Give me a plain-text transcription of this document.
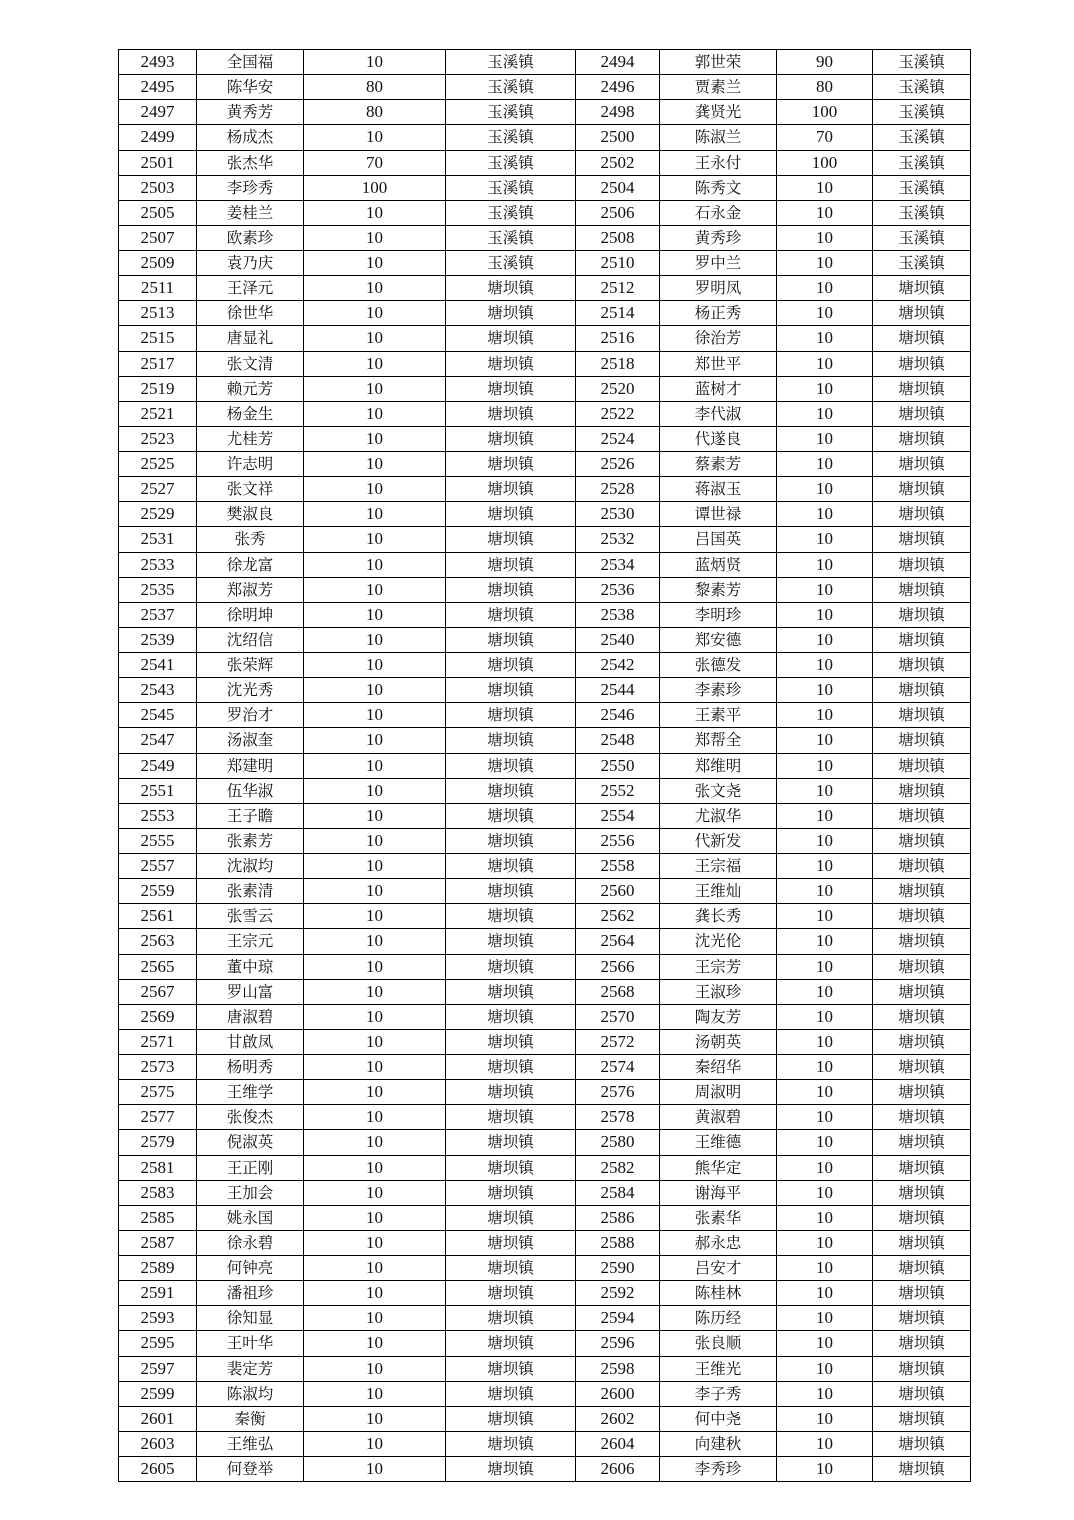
2493	全国福	10	玉溪镇	2494	郭世荣	90	玉溪镇
2495	陈华安	80	玉溪镇	2496	贾素兰	80	玉溪镇
2497	黄秀芳	80	玉溪镇	2498	龚贤光	100	玉溪镇
2499	杨成杰	10	玉溪镇	2500	陈淑兰	70	玉溪镇
2501	张杰华	70	玉溪镇	2502	王永付	100	玉溪镇
2503	李珍秀	100	玉溪镇	2504	陈秀文	10	玉溪镇
2505	姜桂兰	10	玉溪镇	2506	石永金	10	玉溪镇
2507	欧素珍	10	玉溪镇	2508	黄秀珍	10	玉溪镇
2509	袁乃庆	10	玉溪镇	2510	罗中兰	10	玉溪镇
2511	王泽元	10	塘坝镇	2512	罗明凤	10	塘坝镇
2513	徐世华	10	塘坝镇	2514	杨正秀	10	塘坝镇
2515	唐显礼	10	塘坝镇	2516	徐治芳	10	塘坝镇
2517	张文清	10	塘坝镇	2518	郑世平	10	塘坝镇
2519	赖元芳	10	塘坝镇	2520	蓝树才	10	塘坝镇
2521	杨金生	10	塘坝镇	2522	李代淑	10	塘坝镇
2523	尤桂芳	10	塘坝镇	2524	代遂良	10	塘坝镇
2525	许志明	10	塘坝镇	2526	蔡素芳	10	塘坝镇
2527	张文祥	10	塘坝镇	2528	蒋淑玉	10	塘坝镇
2529	樊淑良	10	塘坝镇	2530	谭世禄	10	塘坝镇
2531	张秀	10	塘坝镇	2532	吕国英	10	塘坝镇
2533	徐龙富	10	塘坝镇	2534	蓝炳贤	10	塘坝镇
2535	郑淑芳	10	塘坝镇	2536	黎素芳	10	塘坝镇
2537	徐明坤	10	塘坝镇	2538	李明珍	10	塘坝镇
2539	沈绍信	10	塘坝镇	2540	郑安德	10	塘坝镇
2541	张荣辉	10	塘坝镇	2542	张德发	10	塘坝镇
2543	沈光秀	10	塘坝镇	2544	李素珍	10	塘坝镇
2545	罗治才	10	塘坝镇	2546	王素平	10	塘坝镇
2547	汤淑奎	10	塘坝镇	2548	郑帮全	10	塘坝镇
2549	郑建明	10	塘坝镇	2550	郑维明	10	塘坝镇
2551	伍华淑	10	塘坝镇	2552	张文尧	10	塘坝镇
2553	王子瞻	10	塘坝镇	2554	尤淑华	10	塘坝镇
2555	张素芳	10	塘坝镇	2556	代新发	10	塘坝镇
2557	沈淑均	10	塘坝镇	2558	王宗福	10	塘坝镇
2559	张素清	10	塘坝镇	2560	王维灿	10	塘坝镇
2561	张雪云	10	塘坝镇	2562	龚长秀	10	塘坝镇
2563	王宗元	10	塘坝镇	2564	沈光伦	10	塘坝镇
2565	董中琼	10	塘坝镇	2566	王宗芳	10	塘坝镇
2567	罗山富	10	塘坝镇	2568	王淑珍	10	塘坝镇
2569	唐淑碧	10	塘坝镇	2570	陶友芳	10	塘坝镇
2571	甘啟凤	10	塘坝镇	2572	汤朝英	10	塘坝镇
2573	杨明秀	10	塘坝镇	2574	秦绍华	10	塘坝镇
2575	王维学	10	塘坝镇	2576	周淑明	10	塘坝镇
2577	张俊杰	10	塘坝镇	2578	黄淑碧	10	塘坝镇
2579	倪淑英	10	塘坝镇	2580	王维德	10	塘坝镇
2581	王正刚	10	塘坝镇	2582	熊华定	10	塘坝镇
2583	王加会	10	塘坝镇	2584	谢海平	10	塘坝镇
2585	姚永国	10	塘坝镇	2586	张素华	10	塘坝镇
2587	徐永碧	10	塘坝镇	2588	郝永忠	10	塘坝镇
2589	何钟亮	10	塘坝镇	2590	吕安才	10	塘坝镇
2591	潘祖珍	10	塘坝镇	2592	陈桂林	10	塘坝镇
2593	徐知显	10	塘坝镇	2594	陈历经	10	塘坝镇
2595	王叶华	10	塘坝镇	2596	张良顺	10	塘坝镇
2597	裴定芳	10	塘坝镇	2598	王维光	10	塘坝镇
2599	陈淑均	10	塘坝镇	2600	李子秀	10	塘坝镇
2601	秦衡	10	塘坝镇	2602	何中尧	10	塘坝镇
2603	王维弘	10	塘坝镇	2604	向建秋	10	塘坝镇
2605	何登举	10	塘坝镇	2606	李秀珍	10	塘坝镇
